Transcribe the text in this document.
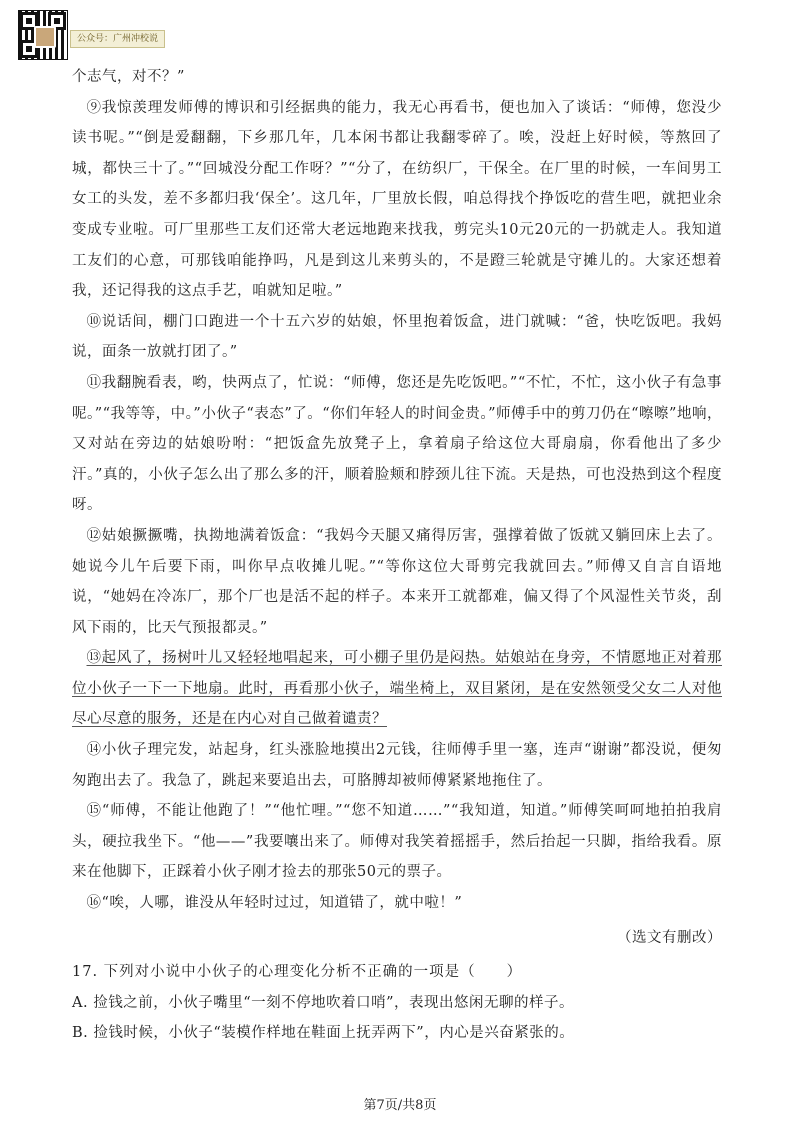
公众号：广州冲校说

个志气，对不？”

⑨我惊羡理发师傅的博识和引经据典的能力，我无心再看书，便也加入了谈话：“师傅，您没少读书呢。”“倒是爱翻翻，下乡那几年，几本闲书都让我翻零碎了。唉，没赶上好时候，等熬回了城，都快三十了。”“回城没分配工作呀？”“分了，在纺织厂，干保全。在厂里的时候，一车间男工女工的头发，差不多都归我‘保全’。这几年，厂里放长假，咱总得找个挣饭吃的营生吧，就把业余变成专业啦。可厂里那些工友们还常大老远地跑来找我，剪完头10元20元的一扔就走人。我知道工友们的心意，可那钱咱能挣吗，凡是到这儿来剪头的，不是蹬三轮就是守摊儿的。大家还想着我，还记得我的这点手艺，咱就知足啦。”

⑩说话间，棚门口跑进一个十五六岁的姑娘，怀里抱着饭盒，进门就喊：“爸，快吃饭吧。我妈说，面条一放就打团了。”

⑪我翻腕看表，哟，快两点了，忙说：“师傅，您还是先吃饭吧。”“不忙，不忙，这小伙子有急事呢。”“我等等，中。”小伙子“表态”了。“你们年轻人的时间金贵。”师傅手中的剪刀仍在“嚓嚓”地响，又对站在旁边的姑娘吩咐：“把饭盒先放凳子上，拿着扇子给这位大哥扇扇，你看他出了多少汗。”真的，小伙子怎么出了那么多的汗，顺着脸颊和脖颈儿往下流。天是热，可也没热到这个程度呀。

⑫姑娘撅撅嘴，执拗地满着饭盒：“我妈今天腿又痛得厉害，强撑着做了饭就又躺回床上去了。她说今儿午后要下雨，叫你早点收摊儿呢。”“等你这位大哥剪完我就回去。”师傅又自言自语地说，“她妈在冷冻厂，那个厂也是活不起的样子。本来开工就都难，偏又得了个风湿性关节炎，刮风下雨的，比天气预报都灵。”

⑬起风了，扬树叶儿又轻轻地唱起来，可小棚子里仍是闷热。姑娘站在身旁，不情愿地正对着那位小伙子一下一下地扇。此时，再看那小伙子，端坐椅上，双目紧闭，是在安然领受父女二人对他尽心尽意的服务，还是在内心对自己做着谴责？

⑭小伙子理完发，站起身，红头涨脸地摸出2元钱，往师傅手里一塞，连声“谢谢”都没说，便匆匆跑出去了。我急了，跳起来要追出去，可胳膊却被师傅紧紧地拖住了。

⑮“师傅，不能让他跑了！”“他忙哩。”“您不知道……”“我知道，知道。”师傅笑呵呵地拍拍我肩头，硬拉我坐下。“他——”我要嚷出来了。师傅对我笑着摇摇手，然后抬起一只脚，指给我看。原来在他脚下，正踩着小伙子刚才捡去的那张50元的票子。

⑯“唉，人哪，谁没从年轻时过过，知道错了，就中啦！”

（选文有删改）

17. 下列对小说中小伙子的心理变化分析不正确的一项是（　　）

A. 捡钱之前，小伙子嘴里“一刻不停地吹着口哨”，表现出悠闲无聊的样子。

B. 捡钱时候，小伙子“装模作样地在鞋面上抚弄两下”，内心是兴奋紧张的。

第7页/共8页
